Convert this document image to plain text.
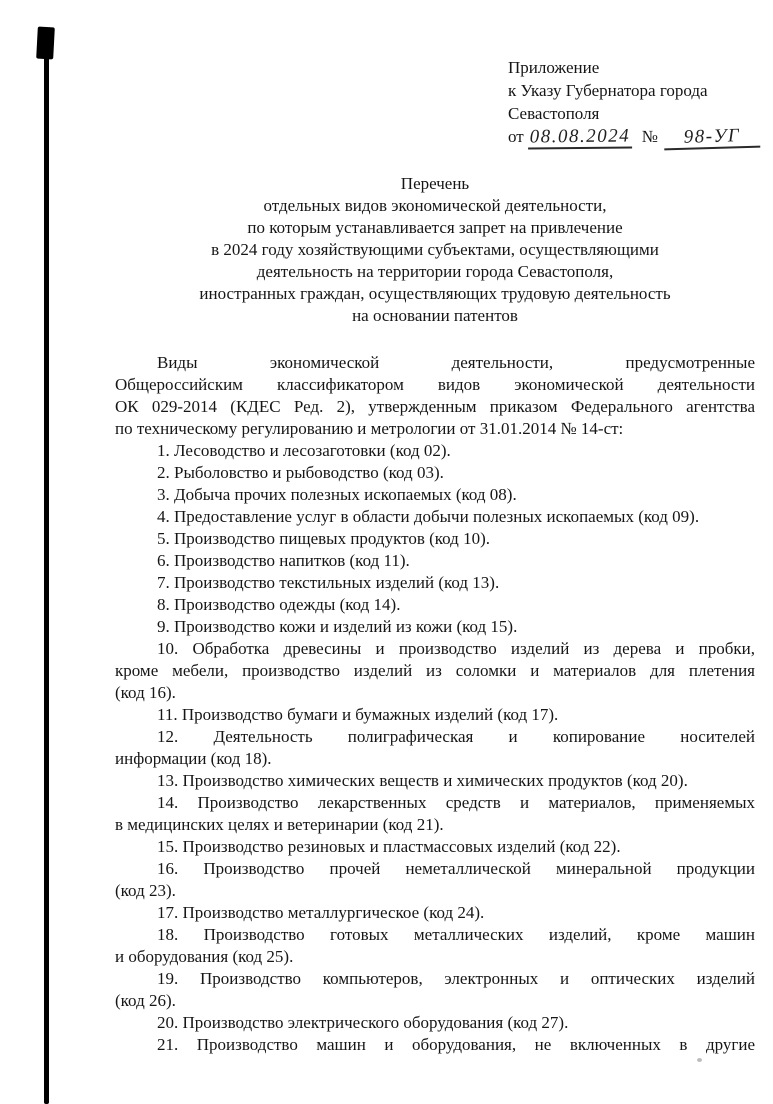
Приложение
к Указу Губернатора города
Севастополя
от 08.08.2024 № 98-УГ
Перечень
отдельных видов экономической деятельности,
по которым устанавливается запрет на привлечение
в 2024 году хозяйствующими субъектами, осуществляющими
деятельность на территории города Севастополя,
иностранных граждан, осуществляющих трудовую деятельность
на основании патентов
Виды экономической деятельности, предусмотренные
Общероссийским классификатором видов экономической деятельности
ОК 029-2014 (КДЕС Ред. 2), утвержденным приказом Федерального агентства
по техническому регулированию и метрологии от 31.01.2014 № 14-ст:
1. Лесоводство и лесозаготовки (код 02).
2. Рыболовство и рыбоводство (код 03).
3. Добыча прочих полезных ископаемых (код 08).
4. Предоставление услуг в области добычи полезных ископаемых (код 09).
5. Производство пищевых продуктов (код 10).
6. Производство напитков (код 11).
7. Производство текстильных изделий (код 13).
8. Производство одежды (код 14).
9. Производство кожи и изделий из кожи (код 15).
10. Обработка древесины и производство изделий из дерева и пробки,
кроме мебели, производство изделий из соломки и материалов для плетения
(код 16).
11. Производство бумаги и бумажных изделий (код 17).
12. Деятельность полиграфическая и копирование носителей
информации (код 18).
13. Производство химических веществ и химических продуктов (код 20).
14. Производство лекарственных средств и материалов, применяемых
в медицинских целях и ветеринарии (код 21).
15. Производство резиновых и пластмассовых изделий (код 22).
16. Производство прочей неметаллической минеральной продукции
(код 23).
17. Производство металлургическое (код 24).
18. Производство готовых металлических изделий, кроме машин
и оборудования (код 25).
19. Производство компьютеров, электронных и оптических изделий
(код 26).
20. Производство электрического оборудования (код 27).
21. Производство машин и оборудования, не включенных в другие
